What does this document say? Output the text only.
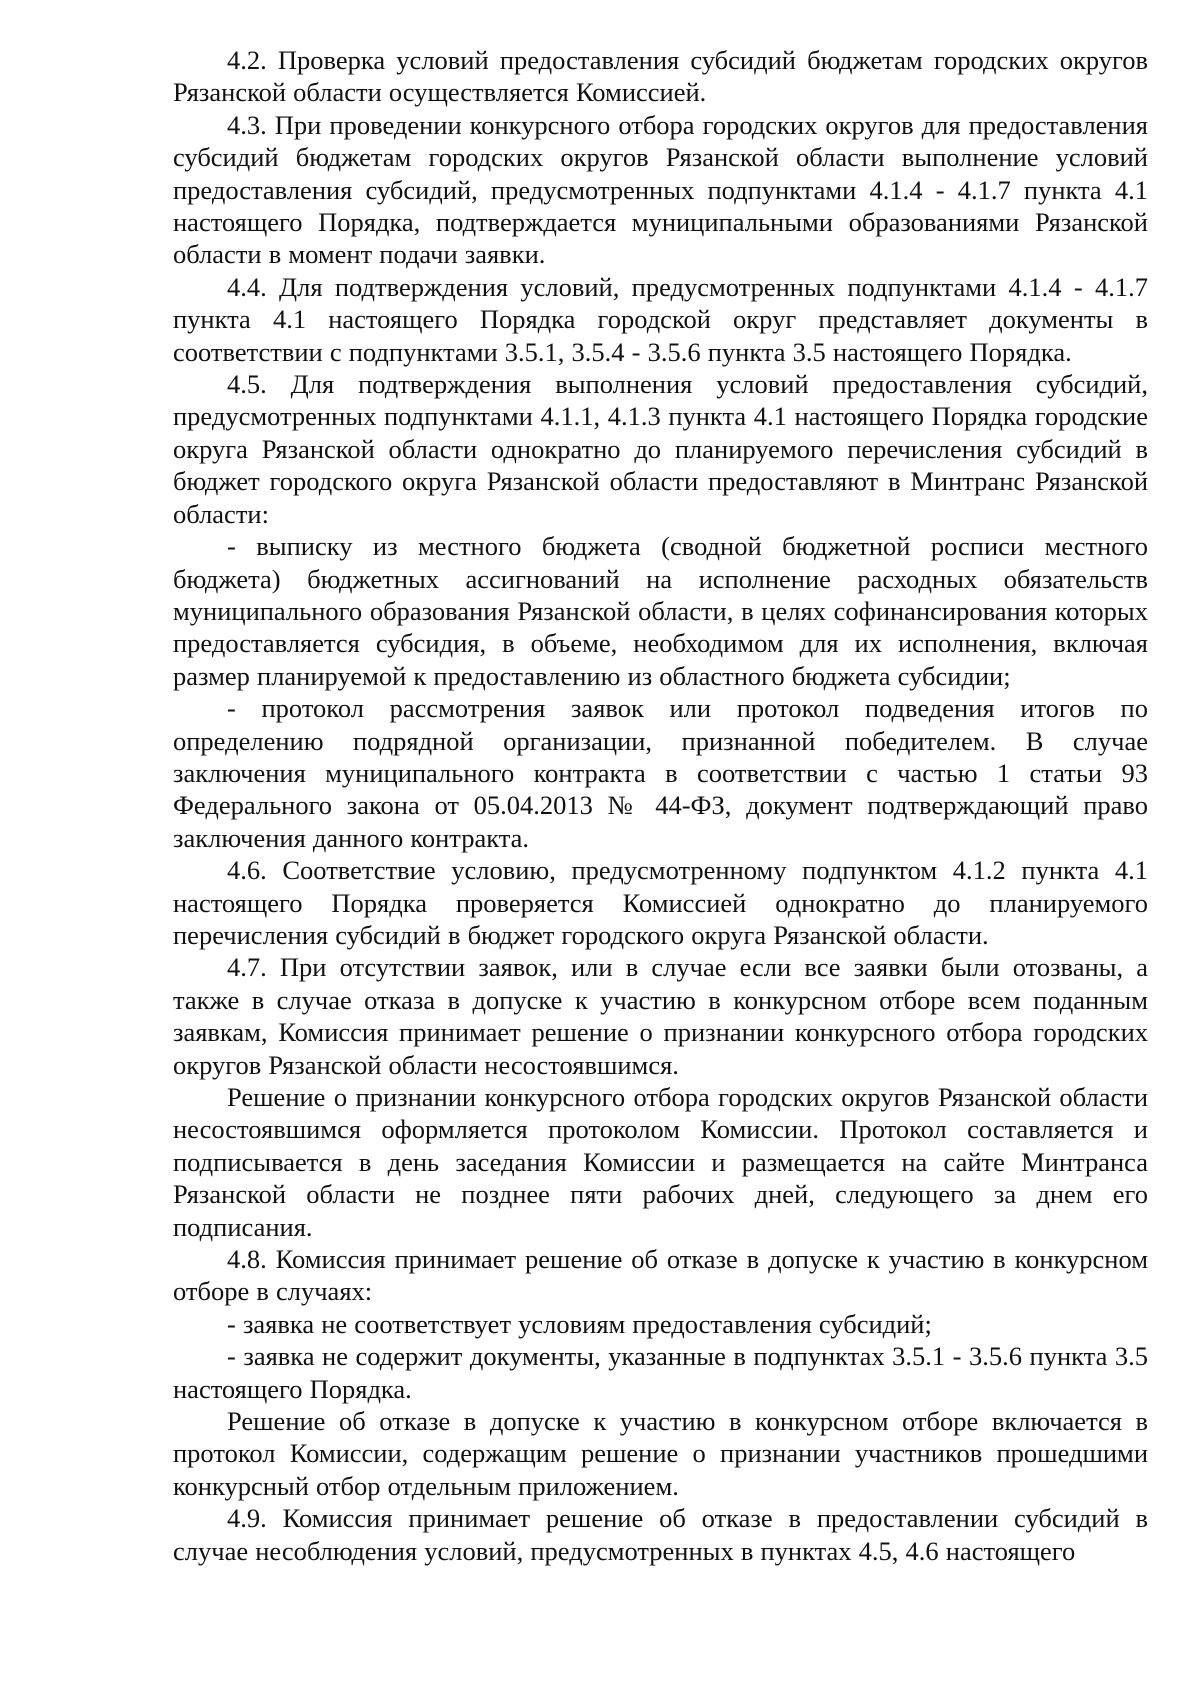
4.2. Проверка условий предоставления субсидий бюджетам городских округов Рязанской области осуществляется Комиссией.

4.3. При проведении конкурсного отбора городских округов для предоставления субсидий бюджетам городских округов Рязанской области выполнение условий предоставления субсидий, предусмотренных подпунктами 4.1.4 - 4.1.7 пункта 4.1 настоящего Порядка, подтверждается муниципальными образованиями Рязанской области в момент подачи заявки.

4.4. Для подтверждения условий, предусмотренных подпунктами 4.1.4 - 4.1.7 пункта 4.1 настоящего Порядка городской округ представляет документы в соответствии с подпунктами 3.5.1, 3.5.4 - 3.5.6 пункта 3.5 настоящего Порядка.

4.5. Для подтверждения выполнения условий предоставления субсидий, предусмотренных подпунктами 4.1.1, 4.1.3 пункта 4.1 настоящего Порядка городские округа Рязанской области однократно до планируемого перечисления субсидий в бюджет городского округа Рязанской области предоставляют в Минтранс Рязанской области:

- выписку из местного бюджета (сводной бюджетной росписи местного бюджета) бюджетных ассигнований на исполнение расходных обязательств муниципального образования Рязанской области, в целях софинансирования которых предоставляется субсидия, в объеме, необходимом для их исполнения, включая размер планируемой к предоставлению из областного бюджета субсидии;

- протокол рассмотрения заявок или протокол подведения итогов по определению подрядной организации, признанной победителем. В случае заключения муниципального контракта в соответствии с частью 1 статьи 93 Федерального закона от 05.04.2013 № 44-ФЗ, документ подтверждающий право заключения данного контракта.

4.6. Соответствие условию, предусмотренному подпунктом 4.1.2 пункта 4.1 настоящего Порядка проверяется Комиссией однократно до планируемого перечисления субсидий в бюджет городского округа Рязанской области.

4.7. При отсутствии заявок, или в случае если все заявки были отозваны, а также в случае отказа в допуске к участию в конкурсном отборе всем поданным заявкам, Комиссия принимает решение о признании конкурсного отбора городских округов Рязанской области несостоявшимся.

Решение о признании конкурсного отбора городских округов Рязанской области несостоявшимся оформляется протоколом Комиссии. Протокол составляется и подписывается в день заседания Комиссии и размещается на сайте Минтранса Рязанской области не позднее пяти рабочих дней, следующего за днем его подписания.

4.8. Комиссия принимает решение об отказе в допуске к участию в конкурсном отборе в случаях:

- заявка не соответствует условиям предоставления субсидий;

- заявка не содержит документы, указанные в подпунктах 3.5.1 - 3.5.6 пункта 3.5 настоящего Порядка.

Решение об отказе в допуске к участию в конкурсном отборе включается в протокол Комиссии, содержащим решение о признании участников прошедшими конкурсный отбор отдельным приложением.

4.9. Комиссия принимает решение об отказе в предоставлении субсидий в случае несоблюдения условий, предусмотренных в пунктах 4.5, 4.6 настоящего
